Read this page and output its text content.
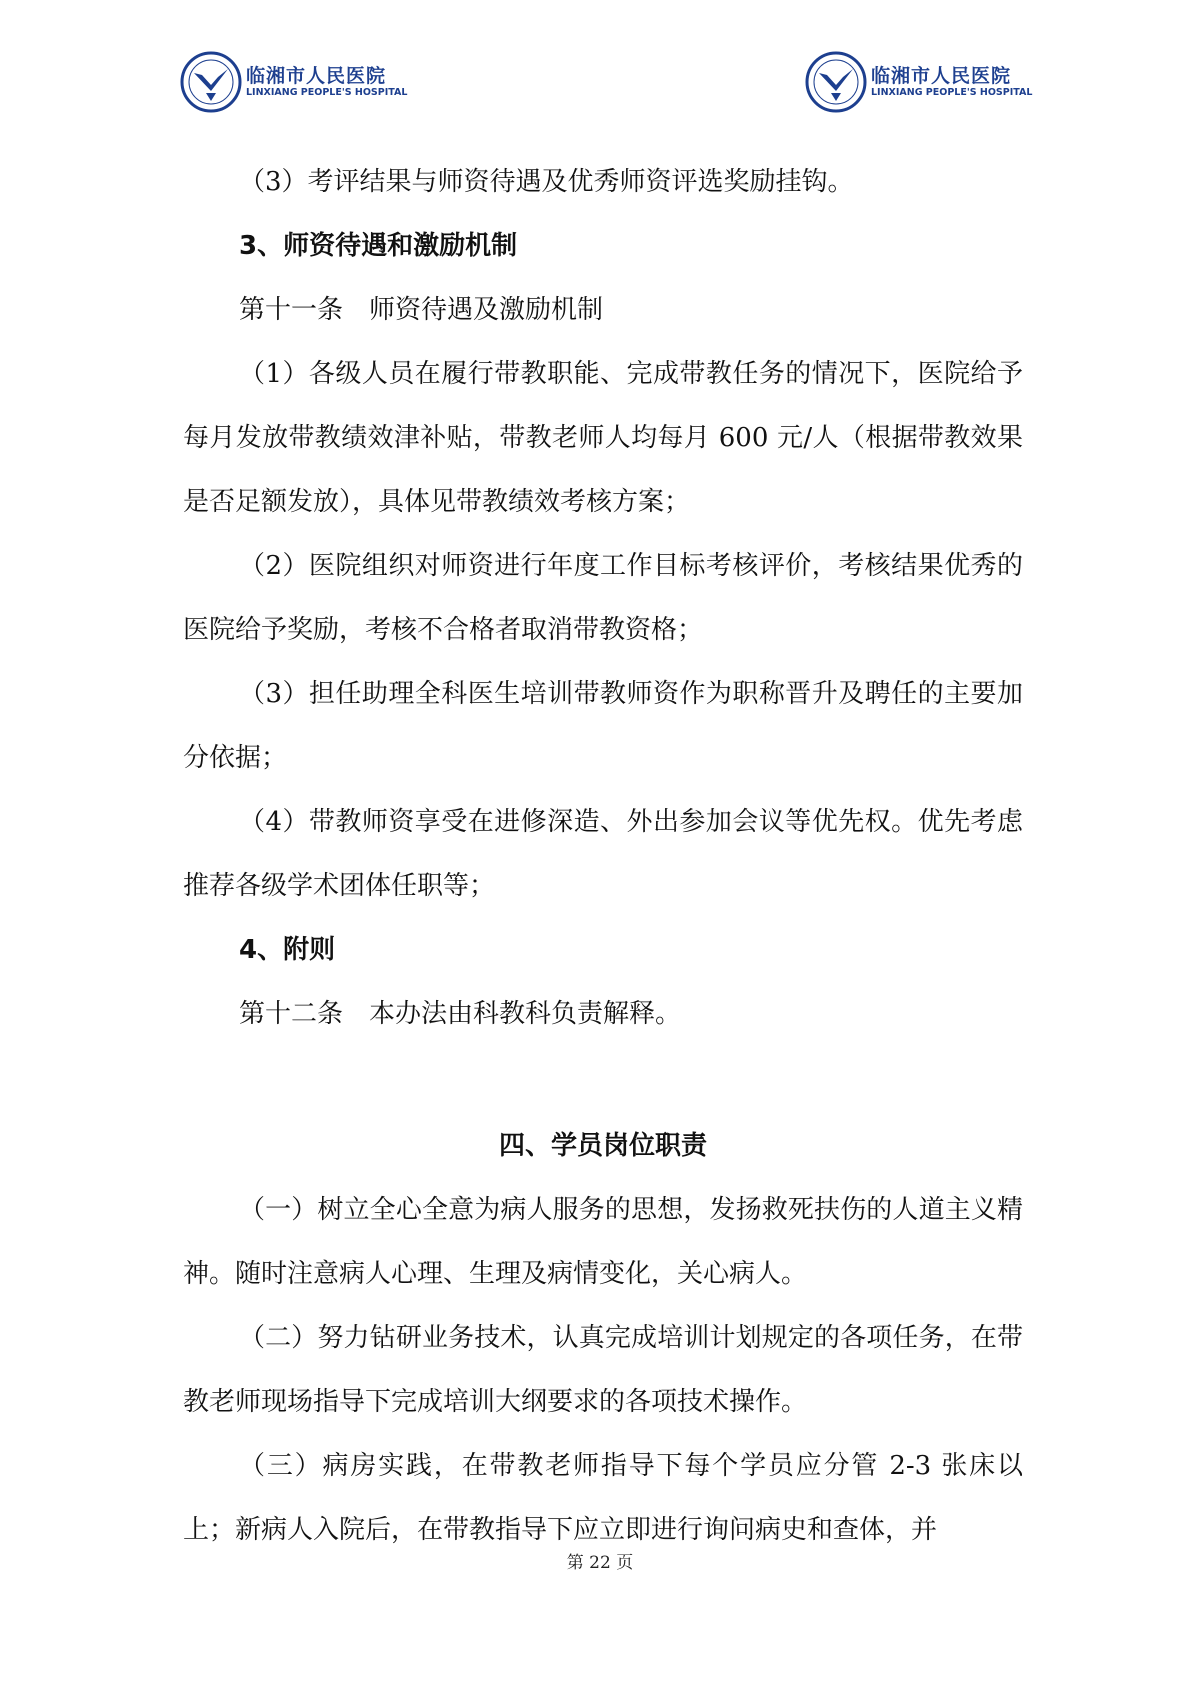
临湘市人民医院
LINXIANG PEOPLE'S HOSPITAL
临湘市人民医院
LINXIANG PEOPLE'S HOSPITAL

（3）考评结果与师资待遇及优秀师资评选奖励挂钩。

3、师资待遇和激励机制

第十一条　师资待遇及激励机制

（1）各级人员在履行带教职能、完成带教任务的情况下，医院给予每月发放带教绩效津补贴，带教老师人均每月 600 元/人（根据带教效果是否足额发放），具体见带教绩效考核方案；

（2）医院组织对师资进行年度工作目标考核评价，考核结果优秀的医院给予奖励，考核不合格者取消带教资格；

（3）担任助理全科医生培训带教师资作为职称晋升及聘任的主要加分依据；

（4）带教师资享受在进修深造、外出参加会议等优先权。优先考虑推荐各级学术团体任职等；

4、附则

第十二条　本办法由科教科负责解释。

四、学员岗位职责

（一）树立全心全意为病人服务的思想，发扬救死扶伤的人道主义精神。随时注意病人心理、生理及病情变化，关心病人。

（二）努力钻研业务技术，认真完成培训计划规定的各项任务，在带教老师现场指导下完成培训大纲要求的各项技术操作。

（三）病房实践，在带教老师指导下每个学员应分管 2-3 张床以上；新病人入院后，在带教指导下应立即进行询问病史和查体，并

第 22 页
